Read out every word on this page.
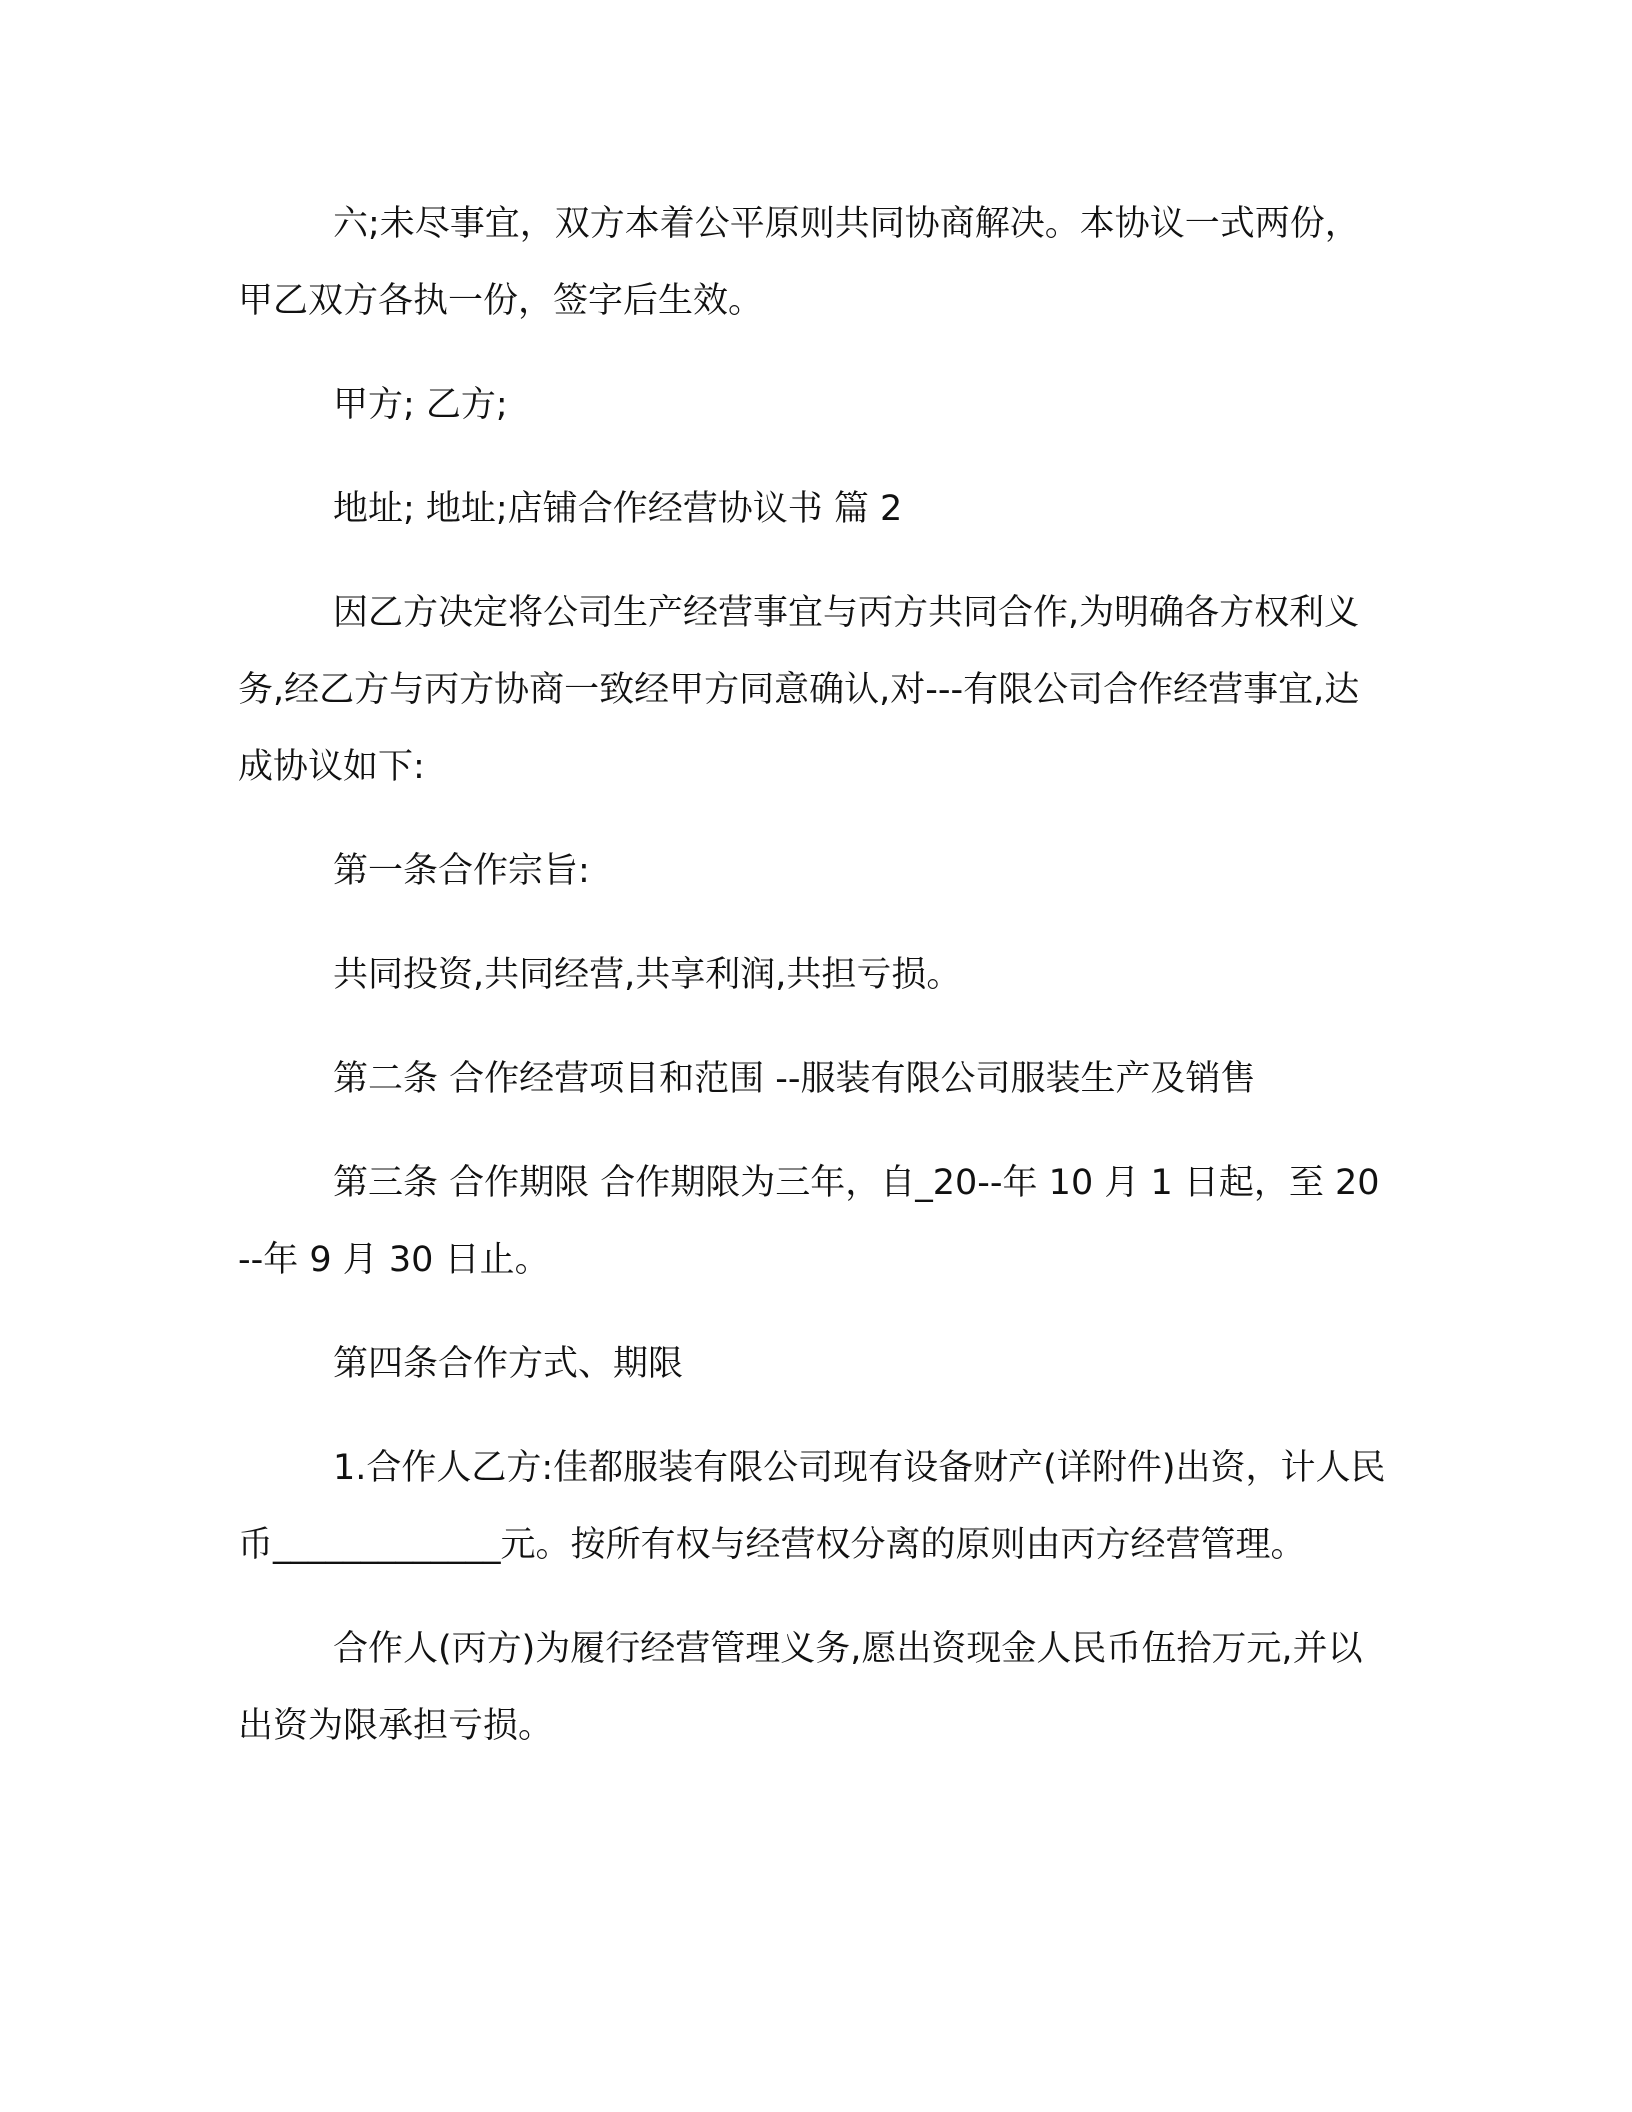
六;未尽事宜，双方本着公平原则共同协商解决。本协议一式两份，甲乙双方各执一份，签字后生效。

甲方; 乙方;

地址; 地址;店铺合作经营协议书 篇 2

因乙方决定将公司生产经营事宜与丙方共同合作,为明确各方权利义务,经乙方与丙方协商一致经甲方同意确认,对---有限公司合作经营事宜,达成协议如下:

第一条合作宗旨:

共同投资,共同经营,共享利润,共担亏损。

第二条 合作经营项目和范围 --服装有限公司服装生产及销售

第三条 合作期限 合作期限为三年，自_20--年 10 月 1 日起，至 20--年 9 月 30 日止。

第四条合作方式、期限

1.合作人乙方:佳都服装有限公司现有设备财产(详附件)出资，计人民币_____________元。按所有权与经营权分离的原则由丙方经营管理。

合作人(丙方)为履行经营管理义务,愿出资现金人民币伍拾万元,并以出资为限承担亏损。
